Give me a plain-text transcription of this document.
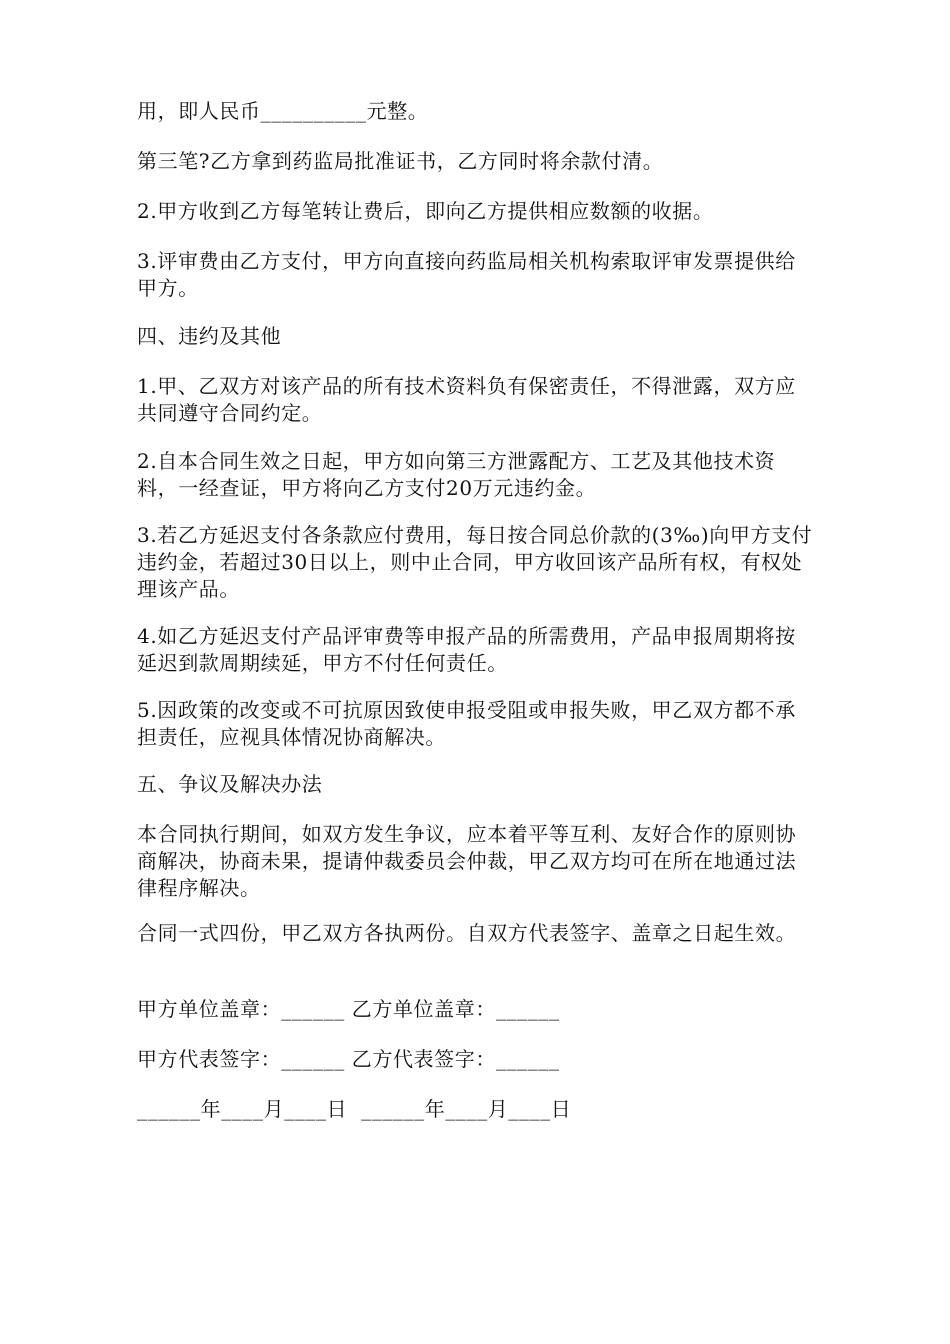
用，即人民币__________元整。
第三笔?乙方拿到药监局批准证书，乙方同时将余款付清。
2.甲方收到乙方每笔转让费后，即向乙方提供相应数额的收据。
3.评审费由乙方支付，甲方向直接向药监局相关机构索取评审发票提供给甲方。
四、违约及其他
1.甲、乙双方对该产品的所有技术资料负有保密责任，不得泄露，双方应共同遵守合同约定。
2.自本合同生效之日起，甲方如向第三方泄露配方、工艺及其他技术资料，一经查证，甲方将向乙方支付20万元违约金。
3.若乙方延迟支付各条款应付费用，每日按合同总价款的(3‰)向甲方支付违约金，若超过30日以上，则中止合同，甲方收回该产品所有权，有权处理该产品。
4.如乙方延迟支付产品评审费等申报产品的所需费用，产品申报周期将按延迟到款周期续延，甲方不付任何责任。
5.因政策的改变或不可抗原因致使申报受阻或申报失败，甲乙双方都不承担责任，应视具体情况协商解决。
五、争议及解决办法
本合同执行期间，如双方发生争议，应本着平等互利、友好合作的原则协商解决，协商未果，提请仲裁委员会仲裁，甲乙双方均可在所在地通过法律程序解决。
合同一式四份，甲乙双方各执两份。自双方代表签字、盖章之日起生效。
甲方单位盖章：______ 乙方单位盖章：______
甲方代表签字：______ 乙方代表签字：______
______年____月____日  ______年____月____日
